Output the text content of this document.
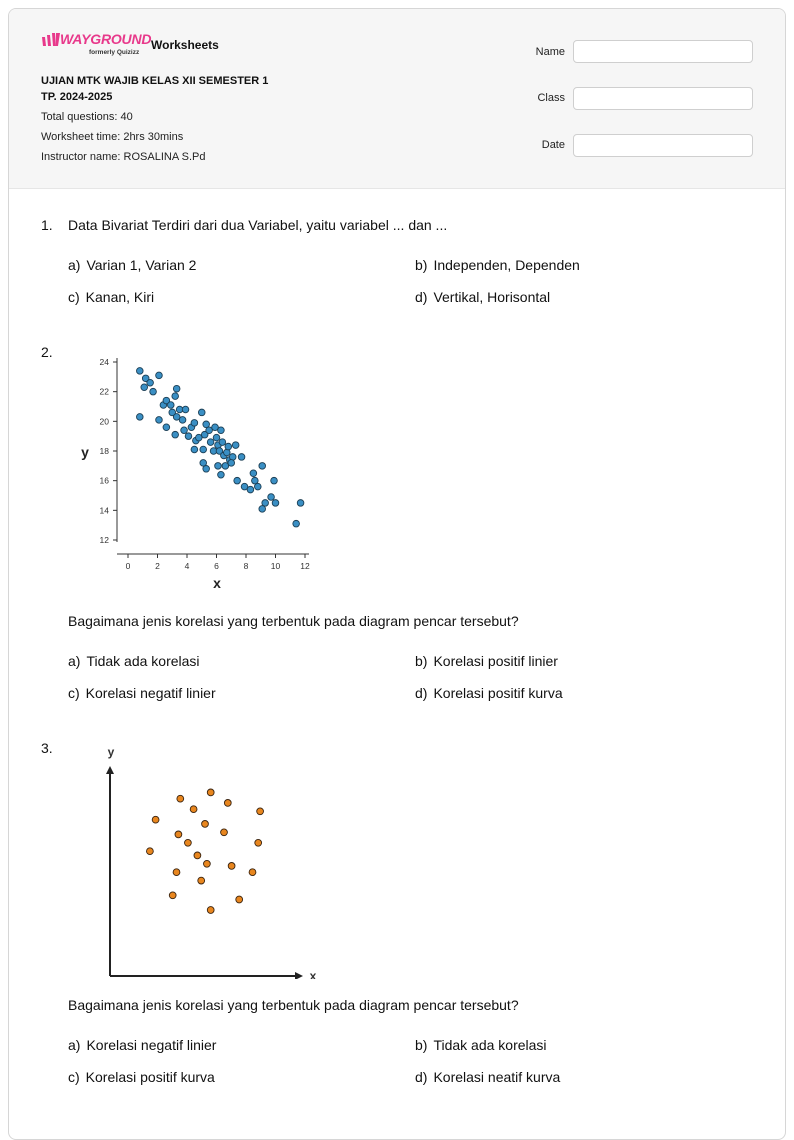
WAYGROUND
formerly Quizizz
Worksheets
UJIAN MTK WAJIB KELAS XII SEMESTER 1
TP. 2024-2025
Total questions: 40
Worksheet time: 2hrs 30mins
Instructor name: ROSALINA S.Pd
Name
Class
Date
1. Data Bivariat Terdiri dari dua Variabel, yaitu variabel ... dan ...
a) Varian 1, Varian 2	b) Independen, Dependen
c) Kanan, Kiri	d) Vertikal, Horisontal
2.
12
14
16
18
20
22
24
0	2	4	6	8	10 12
y
x
Bagaimana jenis korelasi yang terbentuk pada diagram pencar tersebut?
a) Tidak ada korelasi	b) Korelasi positif linier
c) Korelasi negatif linier	d) Korelasi positif kurva
3.	y
x
Bagaimana jenis korelasi yang terbentuk pada diagram pencar tersebut?
a) Korelasi negatif linier	b) Tidak ada korelasi
c) Korelasi positif kurva	d) Korelasi neatif kurva
